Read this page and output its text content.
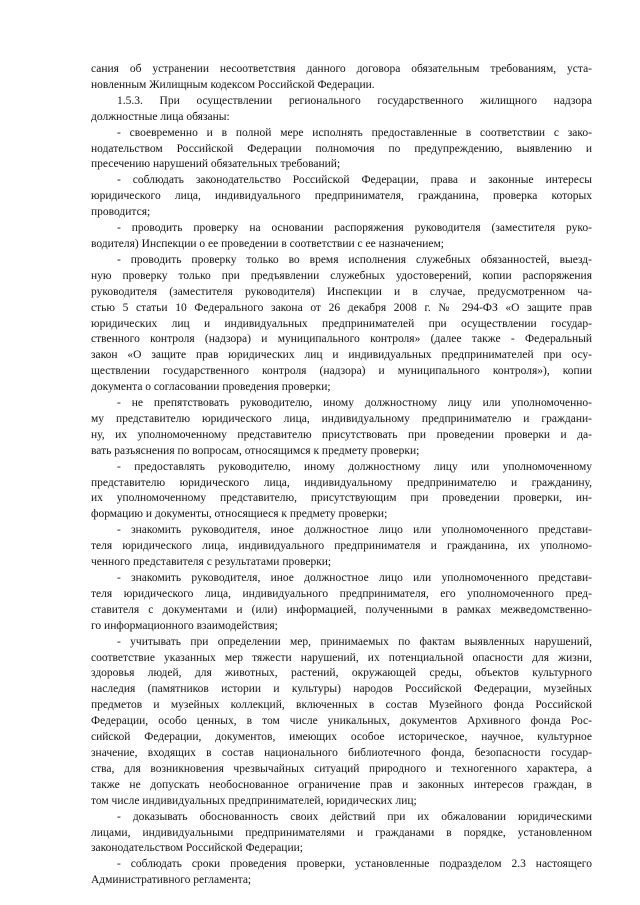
сания об устранении несоответствия данного договора обязательным требованиям, уста-
новленным Жилищным кодексом Российской Федерации.
1.5.3. При осуществлении регионального государственного жилищного надзора
должностные лица обязаны:
- своевременно и в полной мере исполнять предоставленные в соответствии с зако-
нодательством Российской Федерации полномочия по предупреждению, выявлению и
пресечению нарушений обязательных требований;
- соблюдать законодательство Российской Федерации, права и законные интересы
юридического лица, индивидуального предпринимателя, гражданина, проверка которых
проводится;
- проводить проверку на основании распоряжения руководителя (заместителя руко-
водителя) Инспекции о ее проведении в соответствии с ее назначением;
- проводить проверку только во время исполнения служебных обязанностей, выезд-
ную проверку только при предъявлении служебных удостоверений, копии распоряжения
руководителя (заместителя руководителя) Инспекции и в случае, предусмотренном ча-
стью 5 статьи 10 Федерального закона от 26 декабря 2008 г. № 294-ФЗ «О защите прав
юридических лиц и индивидуальных предпринимателей при осуществлении государ-
ственного контроля (надзора) и муниципального контроля» (далее также - Федеральный
закон «О защите прав юридических лиц и индивидуальных предпринимателей при осу-
ществлении государственного контроля (надзора) и муниципального контроля»), копии
документа о согласовании проведения проверки;
- не препятствовать руководителю, иному должностному лицу или уполномоченно-
му представителю юридического лица, индивидуальному предпринимателю и граждани-
ну, их уполномоченному представителю присутствовать при проведении проверки и да-
вать разъяснения по вопросам, относящимся к предмету проверки;
- предоставлять руководителю, иному должностному лицу или уполномоченному
представителю юридического лица, индивидуальному предпринимателю и гражданину,
их уполномоченному представителю, присутствующим при проведении проверки, ин-
формацию и документы, относящиеся к предмету проверки;
- знакомить руководителя, иное должностное лицо или уполномоченного представи-
теля юридического лица, индивидуального предпринимателя и гражданина, их уполномо-
ченного представителя с результатами проверки;
- знакомить руководителя, иное должностное лицо или уполномоченного представи-
теля юридического лица, индивидуального предпринимателя, его уполномоченного пред-
ставителя с документами и (или) информацией, полученными в рамках межведомственно-
го информационного взаимодействия;
- учитывать при определении мер, принимаемых по фактам выявленных нарушений,
соответствие указанных мер тяжести нарушений, их потенциальной опасности для жизни,
здоровья людей, для животных, растений, окружающей среды, объектов культурного
наследия (памятников истории и культуры) народов Российской Федерации, музейных
предметов и музейных коллекций, включенных в состав Музейного фонда Российской
Федерации, особо ценных, в том числе уникальных, документов Архивного фонда Рос-
сийской Федерации, документов, имеющих особое историческое, научное, культурное
значение, входящих в состав национального библиотечного фонда, безопасности государ-
ства, для возникновения чрезвычайных ситуаций природного и техногенного характера, а
также не допускать необоснованное ограничение прав и законных интересов граждан, в
том числе индивидуальных предпринимателей, юридических лиц;
- доказывать обоснованность своих действий при их обжаловании юридическими
лицами, индивидуальными предпринимателями и гражданами в порядке, установленном
законодательством Российской Федерации;
- соблюдать сроки проведения проверки, установленные подразделом 2.3 настоящего
Административного регламента;
